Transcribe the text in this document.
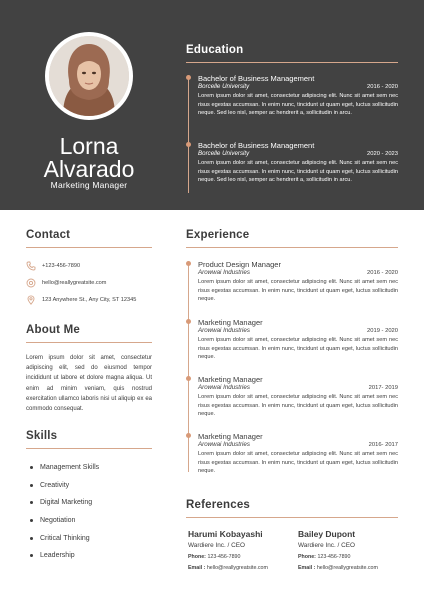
Lorna
Alvarado
Marketing Manager
Education
Bachelor of Business Management
Borcelle University	2016 - 2020
Lorem ipsum dolor sit amet, consectetur adipiscing elit. Nunc sit amet sem nec risus egestas accumsan. In enim nunc, tincidunt ut quam eget, luctus sollicitudin neque. Sed leo nisl, semper ac hendrerit a, sollicitudin in arcu.
Bachelor of Business Management
Borcelle University	2020 - 2023
Lorem ipsum dolor sit amet, consectetur adipiscing elit. Nunc sit amet sem nec risus egestas accumsan. In enim nunc, tincidunt ut quam eget, luctus sollicitudin neque. Sed leo nisl, semper ac hendrerit a, sollicitudin in arcu.
Contact
+123-456-7890
hello@reallygreatsite.com
123 Anywhere St., Any City, ST 12345
About Me
Lorem ipsum dolor sit amet, consectetur adipiscing elit, sed do eiusmod tempor incididunt ut labore et dolore magna aliqua. Ut enim ad minim veniam, quis nostrud exercitation ullamco laboris nisi ut aliquip ex ea commodo consequat.
Skills
Management Skills
Creativity
Digital Marketing
Negotiation
Critical Thinking
Leadership
Experience
Product Design Manager
Arowwai Industries	2016 - 2020
Lorem ipsum dolor sit amet, consectetur adipiscing elit. Nunc sit amet sem nec risus egestas accumsan. In enim nunc, tincidunt ut quam eget, luctus sollicitudin neque.
Marketing Manager
Arowwai Industries	2019 - 2020
Lorem ipsum dolor sit amet, consectetur adipiscing elit. Nunc sit amet sem nec risus egestas accumsan. In enim nunc, tincidunt ut quam eget, luctus sollicitudin neque.
Marketing Manager
Arowwai Industries	2017- 2019
Lorem ipsum dolor sit amet, consectetur adipiscing elit. Nunc sit amet sem nec risus egestas accumsan. In enim nunc, tincidunt ut quam eget, luctus sollicitudin neque.
Marketing Manager
Arowwai Industries	2016- 2017
Lorem ipsum dolor sit amet, consectetur adipiscing elit. Nunc sit amet sem nec risus egestas accumsan. In enim nunc, tincidunt ut quam eget, luctus sollicitudin neque.
References
Harumi Kobayashi
Wardiere Inc. / CEO
Phone: 123-456-7890
Email : hello@reallygreatsite.com
Bailey Dupont
Wardiere Inc. / CEO
Phone: 123-456-7890
Email : hello@reallygreatsite.com
